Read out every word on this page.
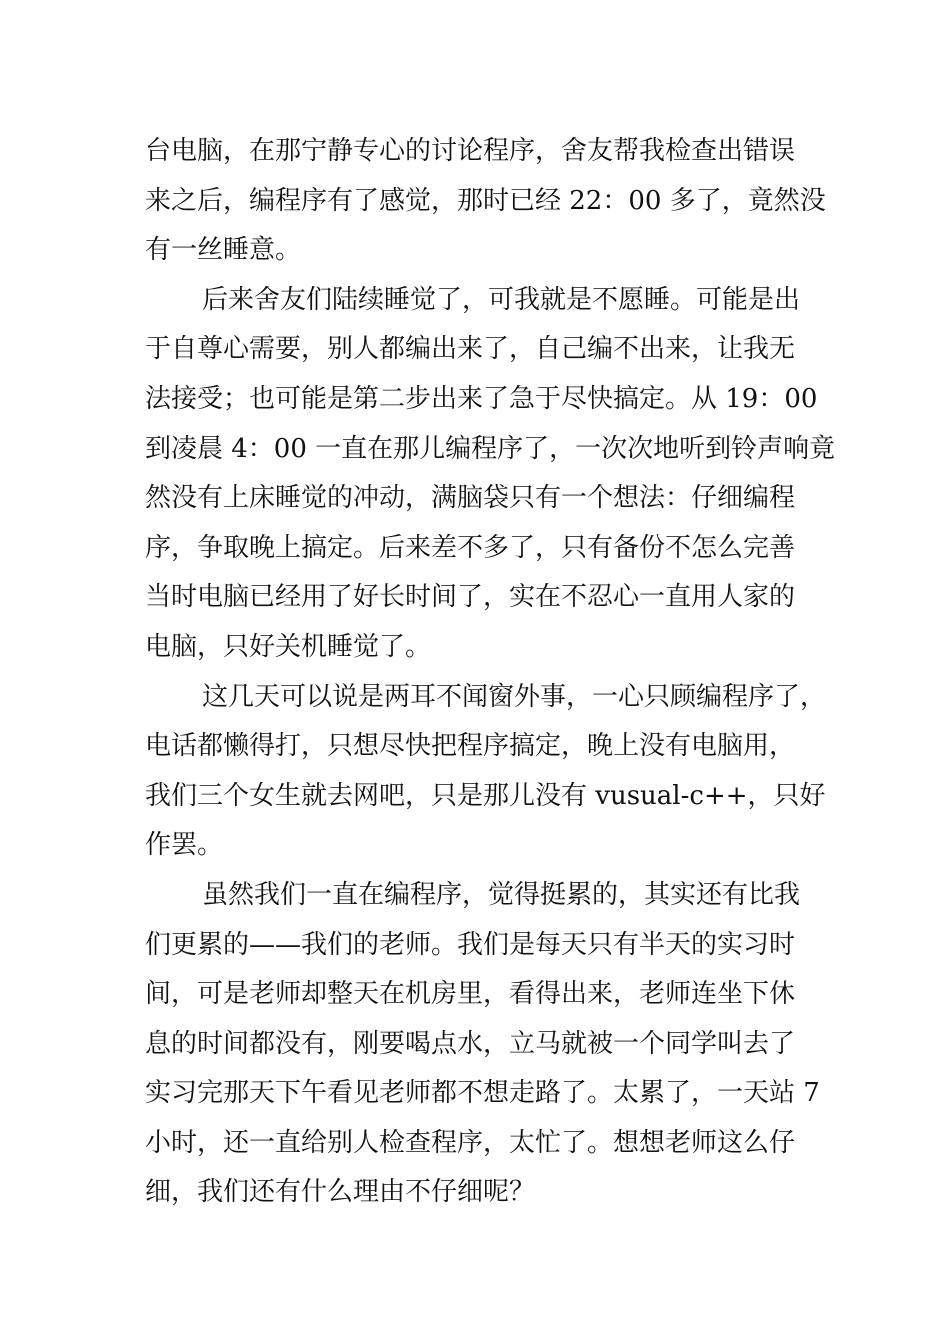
台电脑，在那宁静专心的讨论程序，舍友帮我检查出错误
来之后，编程序有了感觉，那时已经 22：00 多了，竟然没
有一丝睡意。
后来舍友们陆续睡觉了，可我就是不愿睡。可能是出
于自尊心需要，别人都编出来了，自己编不出来，让我无
法接受；也可能是第二步出来了急于尽快搞定。从 19：00
到凌晨 4：00 一直在那儿编程序了，一次次地听到铃声响竟
然没有上床睡觉的冲动，满脑袋只有一个想法：仔细编程
序，争取晚上搞定。后来差不多了，只有备份不怎么完善
当时电脑已经用了好长时间了，实在不忍心一直用人家的
电脑，只好关机睡觉了。
这几天可以说是两耳不闻窗外事，一心只顾编程序了，
电话都懒得打，只想尽快把程序搞定，晚上没有电脑用，
我们三个女生就去网吧，只是那儿没有 vusual-c++，只好
作罢。
虽然我们一直在编程序，觉得挺累的，其实还有比我
们更累的——我们的老师。我们是每天只有半天的实习时
间，可是老师却整天在机房里，看得出来，老师连坐下休
息的时间都没有，刚要喝点水，立马就被一个同学叫去了
实习完那天下午看见老师都不想走路了。太累了，一天站 7
小时，还一直给别人检查程序，太忙了。想想老师这么仔
细，我们还有什么理由不仔细呢？
